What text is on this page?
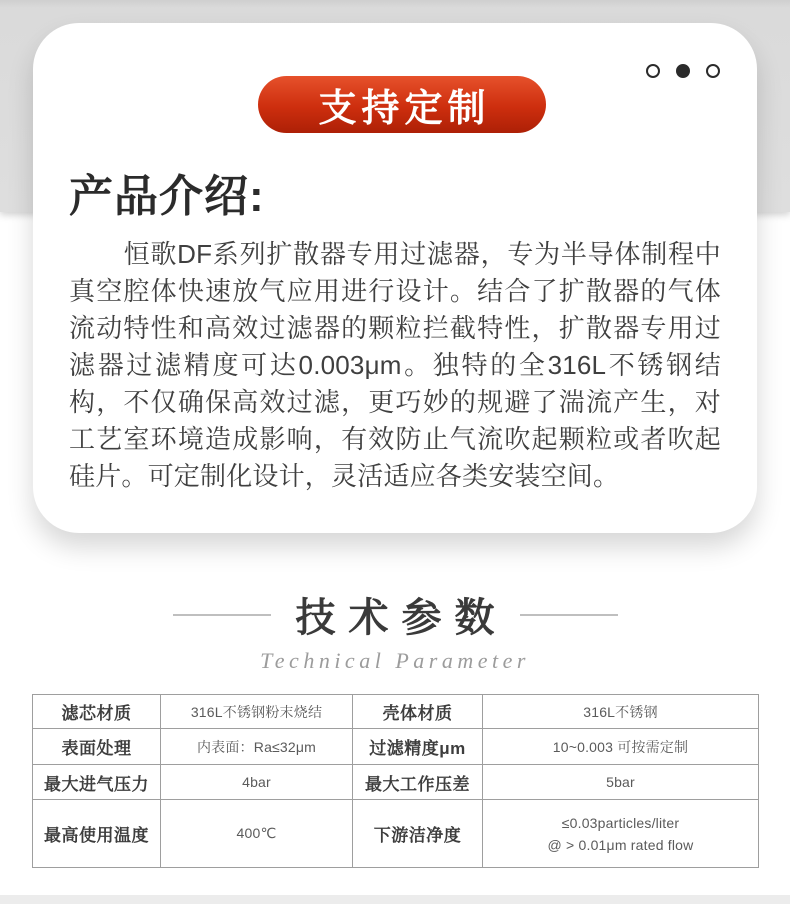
支持定制
产品介绍:
恒歌DF系列扩散器专用过滤器，专为半导体制程中真空腔体快速放气应用进行设计。结合了扩散器的气体流动特性和高效过滤器的颗粒拦截特性，扩散器专用过滤器过滤精度可达0.003μm。独特的全316L不锈钢结构，不仅确保高效过滤，更巧妙的规避了湍流产生，对工艺室环境造成影响，有效防止气流吹起颗粒或者吹起硅片。可定制化设计，灵活适应各类安装空间。
技术参数
Technical Parameter
滤芯材质	316L不锈钢粉末烧结	壳体材质	316L不锈钢
表面处理	内表面：Ra≤32μm	过滤精度μm	10~0.003 可按需定制
最大进气压力	4bar	最大工作压差	5bar
最高使用温度	400℃	下游洁净度	≤0.03particles/liter
@ > 0.01μm rated flow
